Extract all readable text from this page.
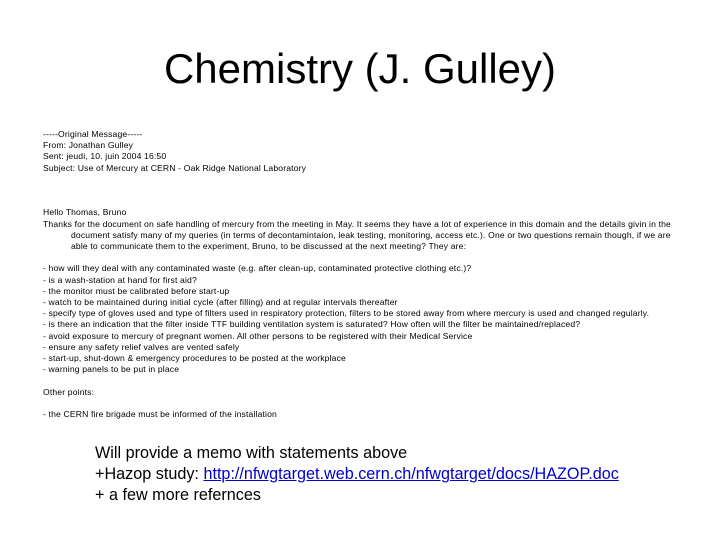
Chemistry (J. Gulley)
-----Original Message-----
From: Jonathan Gulley
Sent: jeudi, 10. juin 2004 16:50
Subject: Use of Mercury at CERN - Oak Ridge National Laboratory
Hello Thomas, Bruno
Thanks for the document on safe handling of mercury from the meeting in May. It seems they have a lot of experience in this domain and the details givin in the document satisfy many of my queries (in terms of decontamintaion, leak testing, monitoring, access etc.). One or two questions remain though, if we are able to communicate them to the experiment, Bruno, to be discussed at the next meeting? They are:
- how will they deal with any contaminated waste (e.g. after clean-up, contaminated protective clothing etc.)?
- is a wash-station at hand for first aid?
- the monitor must be calibrated before start-up
- watch to be maintained during initial cycle (after filling) and at regular intervals thereafter
- specify type of gloves used and type of filters used in respiratory protection, filters to be stored away from where mercury is used and changed regularly.
- is there an indication that the filter inside TTF building ventilation system is saturated? How often will the filter be maintained/replaced?
- avoid exposure to mercury of pregnant women. All other persons to be registered with their Medical Service
- ensure any safety relief valves are vented safely
- start-up, shut-down & emergency procedures to be posted at the workplace
- warning panels to be put in place
Other points:
- the CERN fire brigade must be informed of the installation
Will provide a memo with statements above
+Hazop study: http://nfwgtarget.web.cern.ch/nfwgtarget/docs/HAZOP.doc
+ a few more refernces
